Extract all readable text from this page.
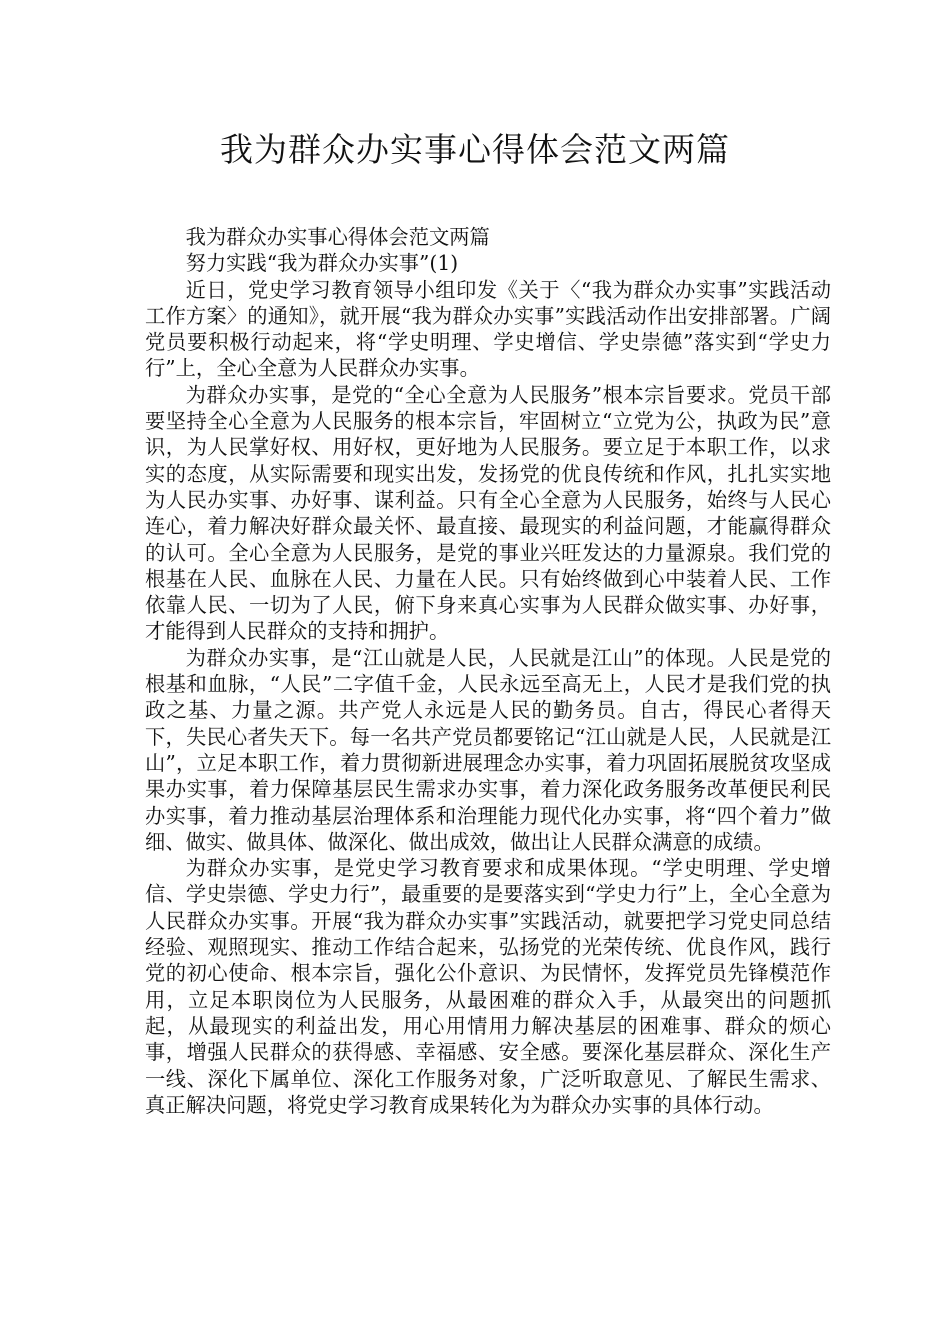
我为群众办实事心得体会范文两篇

我为群众办实事心得体会范文两篇

努力实践“我为群众办实事”(1)

近日，党史学习教育领导小组印发《关于〈“我为群众办实事”实践活动工作方案〉的通知》，就开展“我为群众办实事”实践活动作出安排部署。广阔党员要积极行动起来，将“学史明理、学史增信、学史崇德”落实到“学史力行”上，全心全意为人民群众办实事。

为群众办实事，是党的“全心全意为人民服务”根本宗旨要求。党员干部要坚持全心全意为人民服务的根本宗旨，牢固树立“立党为公，执政为民”意识，为人民掌好权、用好权，更好地为人民服务。要立足于本职工作，以求实的态度，从实际需要和现实出发，发扬党的优良传统和作风，扎扎实实地为人民办实事、办好事、谋利益。只有全心全意为人民服务，始终与人民心连心，着力解决好群众最关怀、最直接、最现实的利益问题，才能赢得群众的认可。全心全意为人民服务，是党的事业兴旺发达的力量源泉。我们党的根基在人民、血脉在人民、力量在人民。只有始终做到心中装着人民、工作依靠人民、一切为了人民，俯下身来真心实事为人民群众做实事、办好事，才能得到人民群众的支持和拥护。

为群众办实事，是“江山就是人民，人民就是江山”的体现。人民是党的根基和血脉，“人民”二字值千金，人民永远至高无上，人民才是我们党的执政之基、力量之源。共产党人永远是人民的勤务员。自古，得民心者得天下，失民心者失天下。每一名共产党员都要铭记“江山就是人民，人民就是江山”，立足本职工作，着力贯彻新进展理念办实事，着力巩固拓展脱贫攻坚成果办实事，着力保障基层民生需求办实事，着力深化政务服务改革便民利民办实事，着力推动基层治理体系和治理能力现代化办实事，将“四个着力”做细、做实、做具体、做深化、做出成效，做出让人民群众满意的成绩。

为群众办实事，是党史学习教育要求和成果体现。“学史明理、学史增信、学史崇德、学史力行”，最重要的是要落实到“学史力行”上，全心全意为人民群众办实事。开展“我为群众办实事”实践活动，就要把学习党史同总结经验、观照现实、推动工作结合起来，弘扬党的光荣传统、优良作风，践行党的初心使命、根本宗旨，强化公仆意识、为民情怀，发挥党员先锋模范作用，立足本职岗位为人民服务，从最困难的群众入手，从最突出的问题抓起，从最现实的利益出发，用心用情用力解决基层的困难事、群众的烦心事，增强人民群众的获得感、幸福感、安全感。要深化基层群众、深化生产一线、深化下属单位、深化工作服务对象，广泛听取意见、了解民生需求、真正解决问题，将党史学习教育成果转化为为群众办实事的具体行动。
